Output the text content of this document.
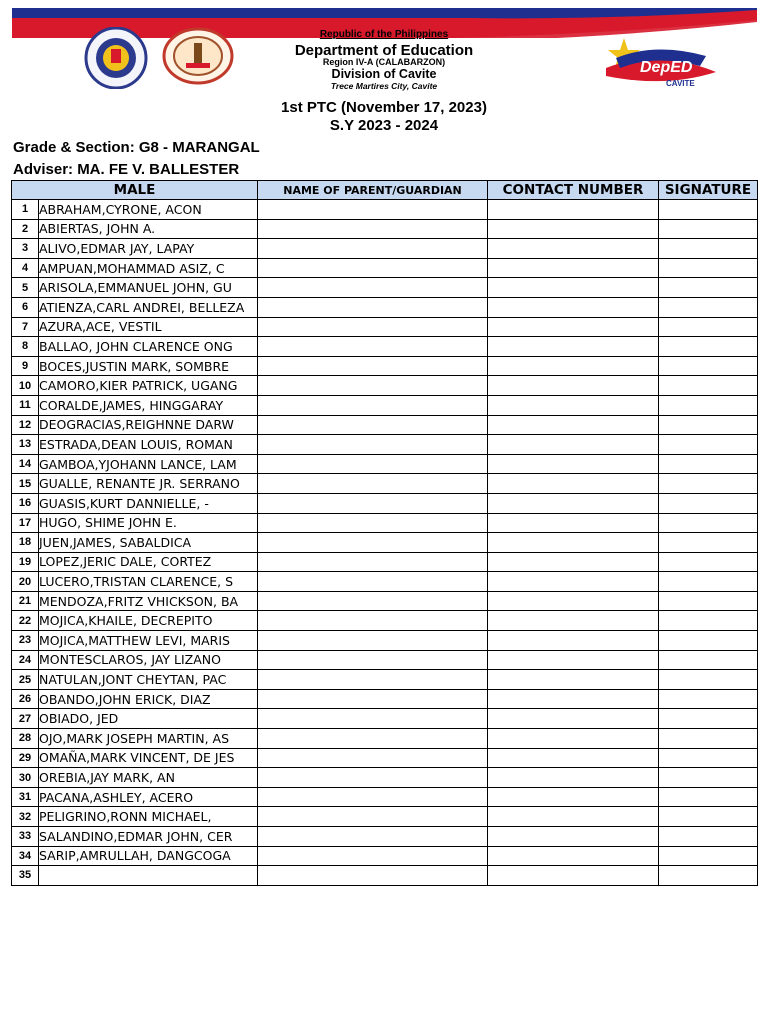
DepED
CAVITE
Republic of the Philippines
Department of Education
Region IV-A (CALABARZON)
Division of Cavite
Trece Martires City, Cavite
1st PTC (November 17, 2023)
S.Y 2023 - 2024
Grade & Section: G8 - MARANGAL
Adviser: MA. FE V. BALLESTER
MALE		NAME OF PARENT/GUARDIAN	CONTACT NUMBER	SIGNATURE
1	ABRAHAM,CYRONE, ACON			
2	ABIERTAS, JOHN A.			
3	ALIVO,EDMAR JAY, LAPAY			
4	AMPUAN,MOHAMMAD ASIZ, C			
5	ARISOLA,EMMANUEL JOHN, GU			
6	ATIENZA,CARL ANDREI, BELLEZA			
7	AZURA,ACE, VESTIL			
8	BALLAO, JOHN CLARENCE ONG			
9	BOCES,JUSTIN MARK, SOMBRE			
10	CAMORO,KIER PATRICK, UGANG			
11	CORALDE,JAMES, HINGGARAY			
12	DEOGRACIAS,REIGHNNE DARW			
13	ESTRADA,DEAN LOUIS, ROMAN			
14	GAMBOA,YJOHANN LANCE, LAM			
15	GUALLE, RENANTE JR. SERRANO			
16	GUASIS,KURT DANNIELLE, -			
17	HUGO, SHIME JOHN E.			
18	JUEN,JAMES, SABALDICA			
19	LOPEZ,JERIC DALE, CORTEZ			
20	LUCERO,TRISTAN CLARENCE, S			
21	MENDOZA,FRITZ VHICKSON, BA			
22	MOJICA,KHAILE, DECREPITO			
23	MOJICA,MATTHEW LEVI, MARIS			
24	MONTESCLAROS, JAY LIZANO			
25	NATULAN,JONT CHEYTAN, PAC			
26	OBANDO,JOHN ERICK, DIAZ			
27	OBIADO, JED			
28	OJO,MARK JOSEPH MARTIN, AS			
29	OMAÑA,MARK VINCENT, DE JES			
30	OREBIA,JAY MARK, AN			
31	PACANA,ASHLEY, ACERO			
32	PELIGRINO,RONN MICHAEL,			
33	SALANDINO,EDMAR JOHN, CER			
34	SARIP,AMRULLAH, DANGCOGA			
35				
